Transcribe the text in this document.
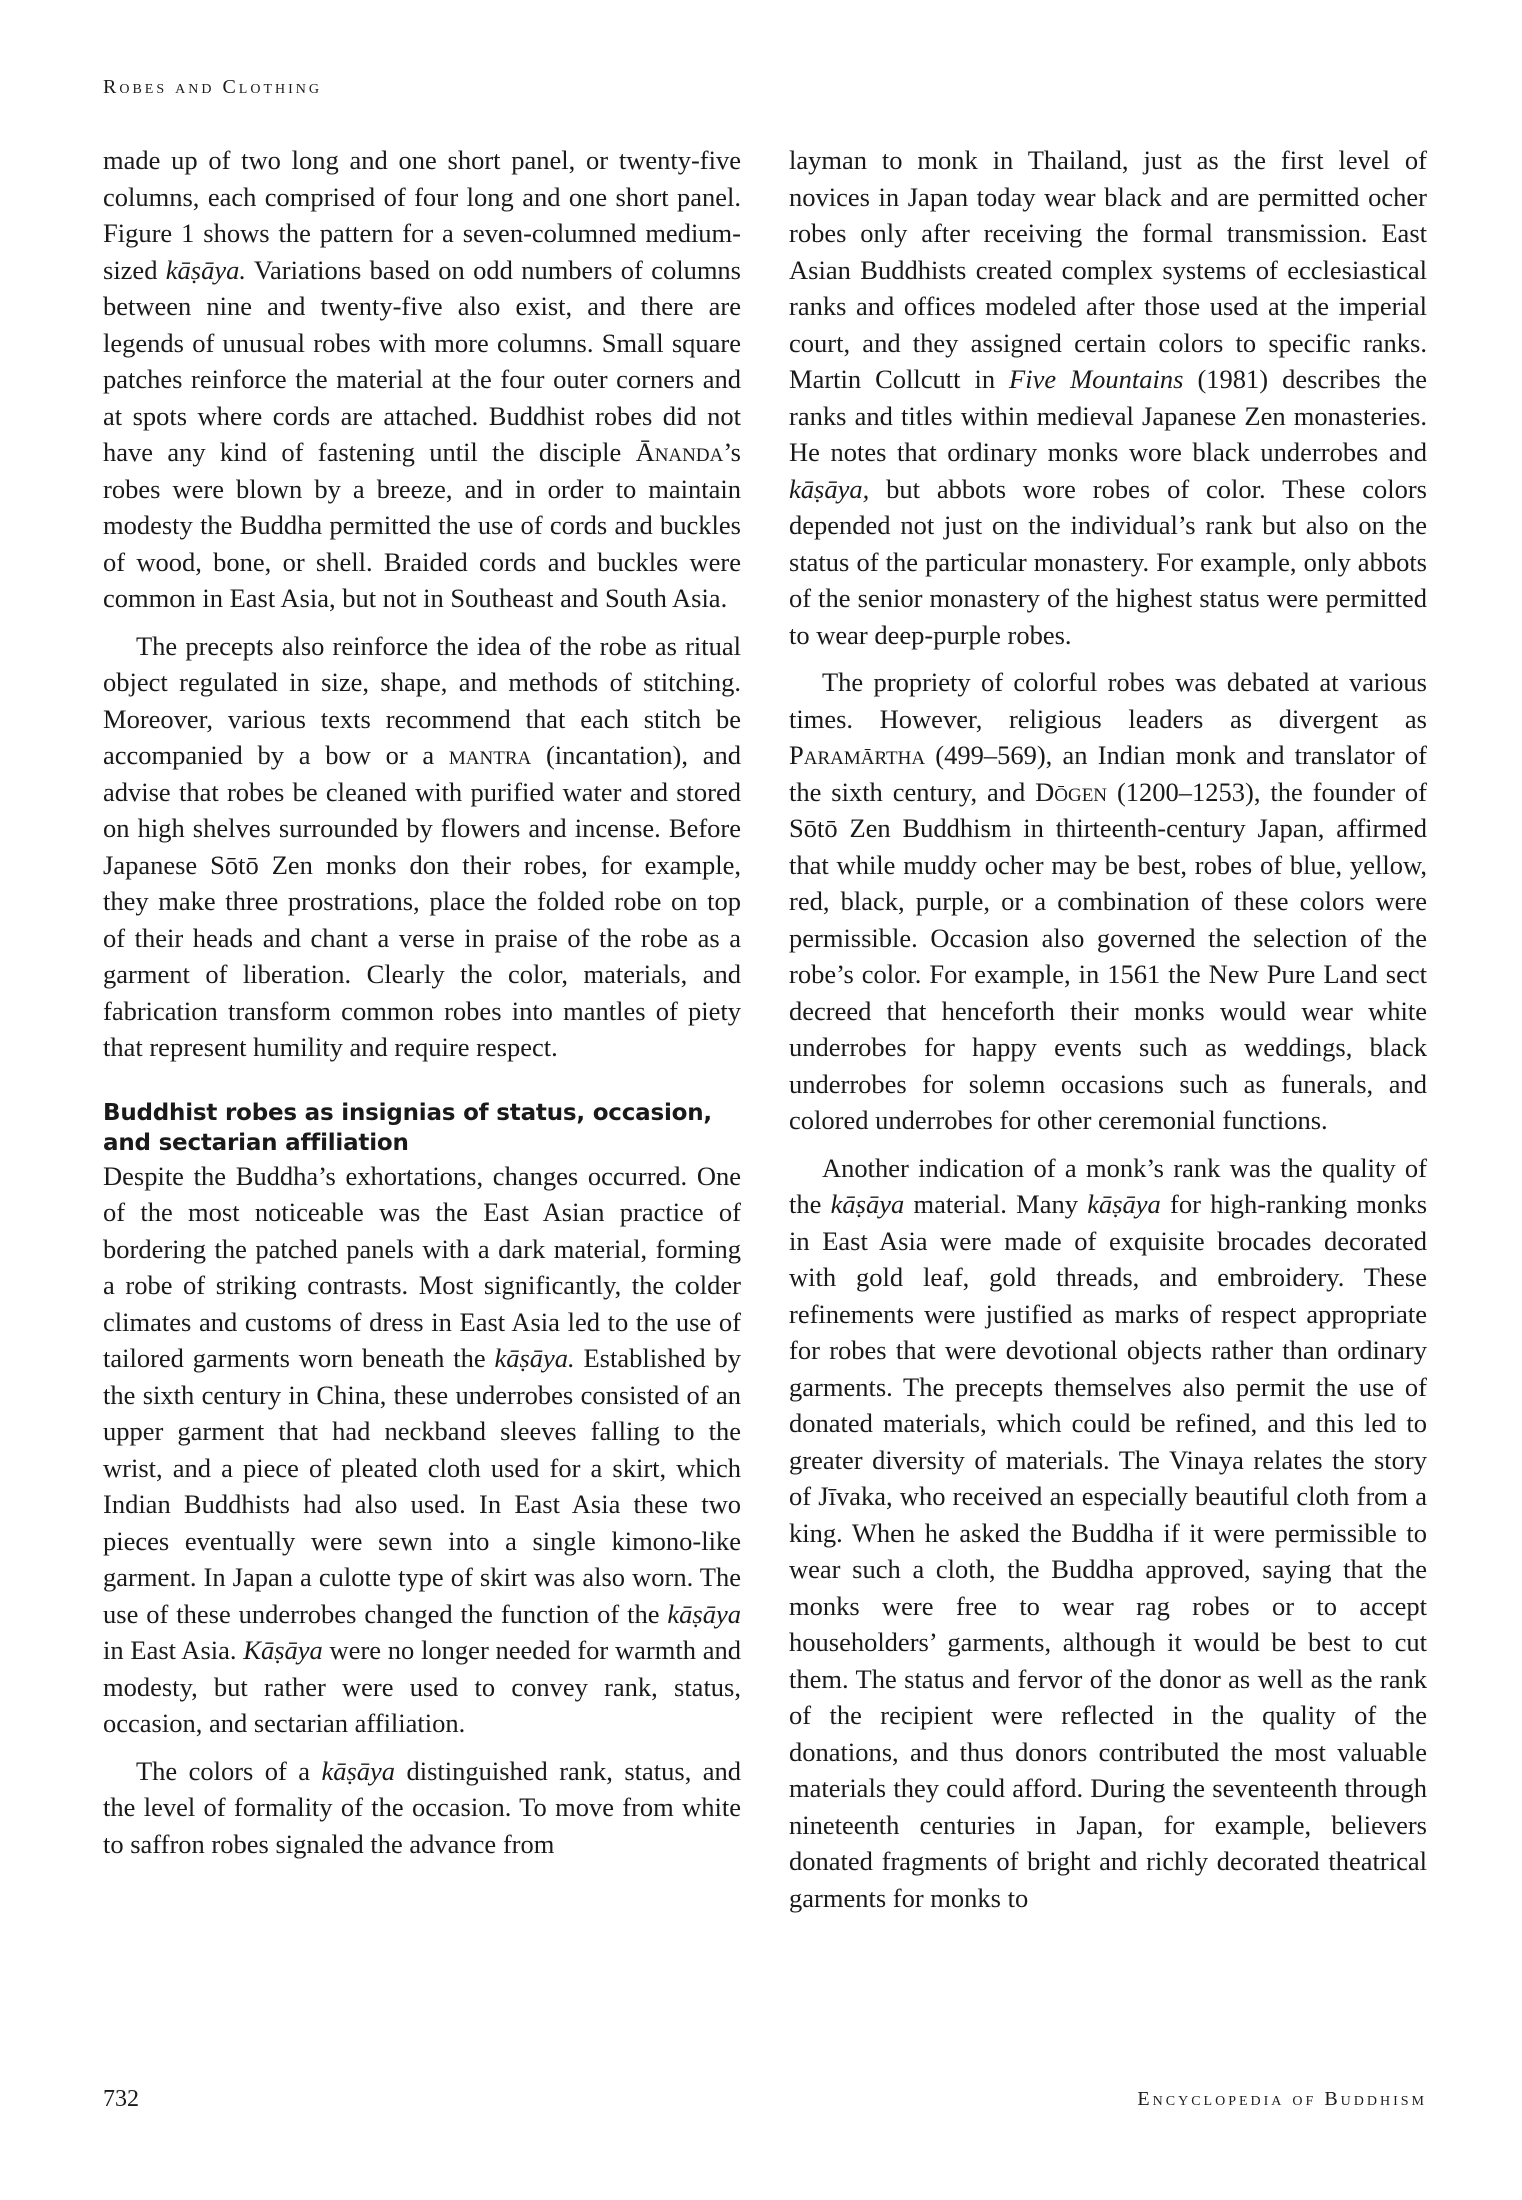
Robes and Clothing

made up of two long and one short panel, or twenty-five columns, each comprised of four long and one short panel. Figure 1 shows the pattern for a seven-columned medium-sized kāṣāya. Variations based on odd numbers of columns between nine and twenty-five also exist, and there are legends of unusual robes with more columns. Small square patches reinforce the material at the four outer corners and at spots where cords are attached. Buddhist robes did not have any kind of fastening until the disciple Ānanda’s robes were blown by a breeze, and in order to maintain modesty the Buddha permitted the use of cords and buckles of wood, bone, or shell. Braided cords and buckles were common in East Asia, but not in Southeast and South Asia.

The precepts also reinforce the idea of the robe as ritual object regulated in size, shape, and methods of stitching. Moreover, various texts recommend that each stitch be accompanied by a bow or a mantra (incantation), and advise that robes be cleaned with purified water and stored on high shelves surrounded by flowers and incense. Before Japanese Sōtō Zen monks don their robes, for example, they make three prostrations, place the folded robe on top of their heads and chant a verse in praise of the robe as a garment of liberation. Clearly the color, materials, and fabrication transform common robes into mantles of piety that represent humility and require respect.

Buddhist robes as insignias of status, occasion, and sectarian affiliation

Despite the Buddha’s exhortations, changes occurred. One of the most noticeable was the East Asian practice of bordering the patched panels with a dark material, forming a robe of striking contrasts. Most significantly, the colder climates and customs of dress in East Asia led to the use of tailored garments worn beneath the kāṣāya. Established by the sixth century in China, these underrobes consisted of an upper garment that had neckband sleeves falling to the wrist, and a piece of pleated cloth used for a skirt, which Indian Buddhists had also used. In East Asia these two pieces eventually were sewn into a single kimono-like garment. In Japan a culotte type of skirt was also worn. The use of these underrobes changed the function of the kāṣāya in East Asia. Kāṣāya were no longer needed for warmth and modesty, but rather were used to convey rank, status, occasion, and sectarian affiliation.

The colors of a kāṣāya distinguished rank, status, and the level of formality of the occasion. To move from white to saffron robes signaled the advance from

layman to monk in Thailand, just as the first level of novices in Japan today wear black and are permitted ocher robes only after receiving the formal transmission. East Asian Buddhists created complex systems of ecclesiastical ranks and offices modeled after those used at the imperial court, and they assigned certain colors to specific ranks. Martin Collcutt in Five Mountains (1981) describes the ranks and titles within medieval Japanese Zen monasteries. He notes that ordinary monks wore black underrobes and kāṣāya, but abbots wore robes of color. These colors depended not just on the individual’s rank but also on the status of the particular monastery. For example, only abbots of the senior monastery of the highest status were permitted to wear deep-purple robes.

The propriety of colorful robes was debated at various times. However, religious leaders as divergent as Paramārtha (499–569), an Indian monk and translator of the sixth century, and Dōgen (1200–1253), the founder of Sōtō Zen Buddhism in thirteenth-century Japan, affirmed that while muddy ocher may be best, robes of blue, yellow, red, black, purple, or a combination of these colors were permissible. Occasion also governed the selection of the robe’s color. For example, in 1561 the New Pure Land sect decreed that henceforth their monks would wear white underrobes for happy events such as weddings, black underrobes for solemn occasions such as funerals, and colored underrobes for other ceremonial functions.

Another indication of a monk’s rank was the quality of the kāṣāya material. Many kāṣāya for high-ranking monks in East Asia were made of exquisite brocades decorated with gold leaf, gold threads, and embroidery. These refinements were justified as marks of respect appropriate for robes that were devotional objects rather than ordinary garments. The precepts themselves also permit the use of donated materials, which could be refined, and this led to greater diversity of materials. The Vinaya relates the story of Jīvaka, who received an especially beautiful cloth from a king. When he asked the Buddha if it were permissible to wear such a cloth, the Buddha approved, saying that the monks were free to wear rag robes or to accept householders’ garments, although it would be best to cut them. The status and fervor of the donor as well as the rank of the recipient were reflected in the quality of the donations, and thus donors contributed the most valuable materials they could afford. During the seventeenth through nineteenth centuries in Japan, for example, believers donated fragments of bright and richly decorated theatrical garments for monks to

732	Encyclopedia of Buddhism
